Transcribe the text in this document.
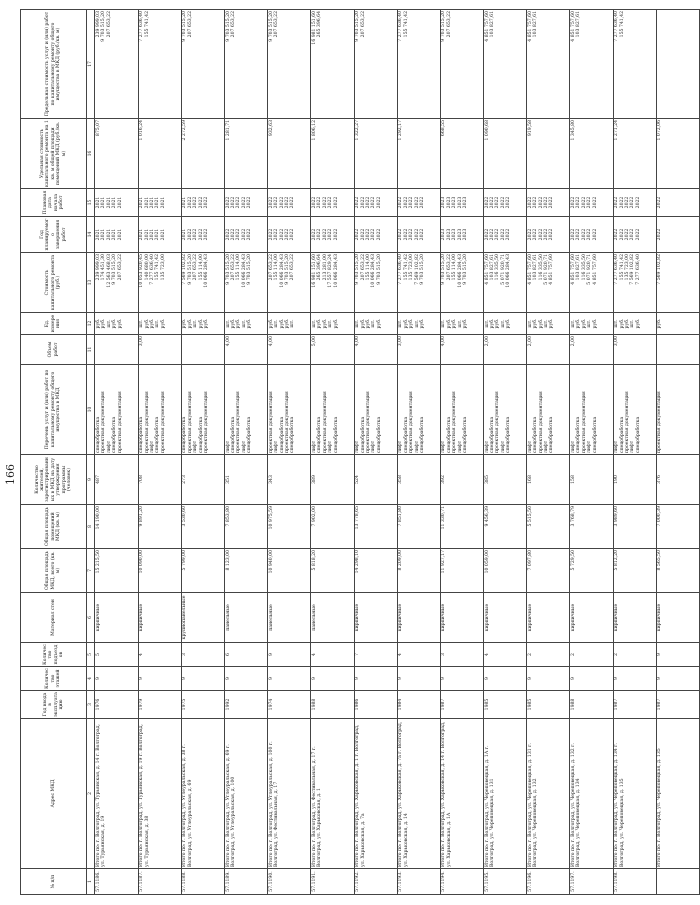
166
№ п/п	Адрес МКД	Год ввода в эксплуатацию	Количество этажей	Количество подъездов	Материал стен	Общая площадь МКД, всего (кв. м)	Общая площадь помещений МКД (кв. м)	Количество жителей, зарегистрированных в МКД на дату утверждения программы (человек)	Перечень услуг и (или) работ по капитальному ремонту общего имущества в МКД	Объем работ	Ед. измерения	Стоимость капитального ремонта (руб.)	Год планируемого завершения работ	Плановая дата начала работ	Удельная стоимость капитального ремонта на 1 кв. м общей площади помещений МКД (руб./кв. м)	Предельная стоимость услуг и (или) работ по капитальному ремонту общего имущества в МКД (руб./кв. м)
1	2	3	4	5	6	7	8	9	10	11	12	13	14	15	16	17
57.1186.	Итого по: г. Волгоград, ул. Турьянская, д. 14 г. Волгоград, ул. Турьянская, д. 19	1976	9	5	кирпичные	15 215,50	14 190,00	487	спецобработка проектная документация лифт спецобработка проектная документация		руб. руб. шт. руб. руб.	239 999,03 174 451,30 12 563 468,03 9 703 515,20 207 653,22	2021 2021 2021 2021 2021	2021 2021 2021 2021 2021	875,07	239 999,03 9 703 515,20 207 653,22

57.1187.	Итого по: г. Волгоград, ул. Турьянская, д. 19 г. Волгоград, ул. Турьянская, д. 38	1979	9	4	кирпичные	10 090,00	9 891,20	708	спецобработка проектная документация лифт спецобработка проектная документация	3,00	шт. руб. руб. шт. руб.	10 053 920,45 140 680,00 7 277 636,40 155 741,42 135 723,00	2021 2021 2021 2021 2021	2021 2021 2021 2021 2021	1 016,24	7 277 636,40 155 741,42

57.1188.	Итого по: г. Волгоград, ул. Углеуральская, д. 38 г. Волгоград, ул. Углеуральская, д. 69	1975	9	3	крупнопанельные	5 799,00	3 530,60	273	спецобработка проектная документация лифт спецобработка проектная документация		руб. руб. шт. руб. руб.	7 569 102,82 9 703 515,20 207 653,22 155 114,00 10 066 284,43	2021 2022 2022 2022 2022	2021 2022 2022 2022 2022	2 272,59	9 703 515,20 207 653,22

57.1189.	Итого по: г. Волгоград, ул. Углеуральская, д. 69 г. Волгоград, ул. Углеуральская, д. 100	1992	9	6	панельные	8 123,00	7 853,80	351	лифт спецобработка проектная документация лифт спецобработка	4,00	шт. руб. руб. шт. руб.	9 703 515,20 207 653,22 155 114,00 10 066 284,43 9 703 515,20	2022 2022 2022 2022 2022	2022 2022 2022 2022 2022	1 281,71	9 703 515,20 207 653,22

57.1190.	Итого по: г. Волгоград, ул. Углеуральская, д. 100 г. Волгоград, ул. Фестивальная, д. 17	1974	9	9	панельные	10 940,00	10 975,59	343	проектная документация лифт спецобработка проектная документация спецобработка	4,00	руб. шт. руб. руб. шт.	207 653,22 155 114,00 10 066 284,43 9 703 515,20 207 653,22	2022 2022 2022 2022 2022	2022 2022 2022 2022 2022	932,63	9 703 515,20 207 653,22

57.1191.	Итого по: г. Волгоград, ул. Фестивальная, д. 17 г. Волгоград, ул. Харьковская, д. 1	1988	9	4	панельные	5 818,20	7 902,00	389	лифт спецобработка проектная документация лифт спецобработка	5,00	шт. руб. руб. шт. руб.	16 981 151,60 265 396,64 213 281,00 17 557 829,24 10 066 284,43	2022 2022 2022 2022 2022	2022 2022 2022 2022 2022	1 806,12	16 981 151,60 265 396,64

57.1192.	Итого по: г. Волгоград, ул. Харьковская, д. 1 г. Волгоград, ул. Харьковская, д. 7а	1986	9	7	кирпичные	14 298,10	13 778,65	524	лифт спецобработка проектная документация лифт спецобработка	4,00	шт. руб. руб. шт. руб.	9 703 515,20 207 653,22 155 114,00 10 066 284,43 9 703 515,20	2022 2022 2022 2022 2022	2022 2022 2022 2022 2022	1 322,27	9 703 515,20 207 653,22

57.1193.	Итого по: г. Волгоград, ул. Харьковская, д. 7а г. Волгоград, ул. Харьковская, д. 14	1984	9	4	кирпичные	8 209,00	7 851,80	358	лифт спецобработка проектная документация лифт спецобработка	3,00	шт. руб. руб. шт. руб.	7 277 636,40 155 741,42 135 723,00 7 569 102,82 9 703 515,20	2022 2022 2022 2022 2022	2022 2022 2022 2022 2022	1 292,17	7 277 636,40 155 741,42

57.1194.	Итого по: г. Волгоград, ул. Харьковская, д. 14 г. Волгоград, ул. Харьковская, д. 1А	1987	9	3	кирпичные	11 927,17	11 330,71	392	лифт спецобработка проектная документация лифт спецобработка	4,00	шт. руб. руб. шт. руб.	9 703 515,20 207 653,22 155 114,00 10 066 284,43 9 703 515,20	2023 2023 2023 2023 2023	2023 2023 2023 2023 2023	668,55	9 703 515,20 207 653,22

57.1195.	Итого по: г. Волгоград, ул. Череповецкая, д. 1А г. Волгоград, ул. Череповецкая, д. 131	1985	9	4	кирпичные	10 059,00	9 456,39	385	лифт спецобработка проектная документация лифт спецобработка	2,00	шт. руб. руб. шт. руб.	4 851 757,60 103 827,61 116 335,50 5 071 920,71 10 066 284,43	2022 2022 2022 2022 2022	2022 2022 2022 2022 2022	1 090,68	4 851 757,60 103 827,61

57.1196.	Итого по: г. Волгоград, ул. Череповецкая, д. 131 г. Волгоград, ул. Череповецкая, д. 132	1985	9	2	кирпичные	7 097,80	5 515,50	168	лифт спецобработка проектная документация лифт спецобработка	2,00	шт. руб. руб. шт. руб.	4 851 757,60 103 827,61 116 335,50 5 071 920,71 4 851 757,60	2022 2022 2022 2022 2022	2022 2022 2022 2022 2022	919,58	4 851 757,60 103 827,61

57.1197.	Итого по: г. Волгоград, ул. Череповецкая, д. 132 г. Волгоград, ул. Череповецкая, д. 134	1988	9	2	кирпичные	5 729,50	3 768,79	158	лифт спецобработка проектная документация лифт спецобработка	2,00	шт. руб. руб. шт. руб.	4 851 757,60 103 827,61 116 335,50 5 071 920,71 4 851 757,60	2022 2022 2022 2022 2022	2022 2022 2022 2022 2022	1 345,80	4 851 757,60 103 827,61

57.1198.	Итого по: г. Волгоград, ул. Череповецкая, д. 134 г. Волгоград, ул. Череповецкая, д. 135	1987	9	2	кирпичные	5 812,20	3 989,60	190	лифт спецобработка проектная документация лифт спецобработка	3,00	шт. руб. руб. шт. руб.	7 277 636,40 155 741,42 135 723,00 7 569 102,82 7 277 636,40	2022 2022 2022 2022 2022	2022 2022 2022 2022 2022	1 271,24	7 277 636,40 155 741,42

	Итого по: г. Волгоград, ул. Череповецкая, д. 135	1987	9	9	кирпичные	8 565,50	7 000,39	376	проектная документация		руб.	7 569 102,82	2022	2022	1 072,06	
